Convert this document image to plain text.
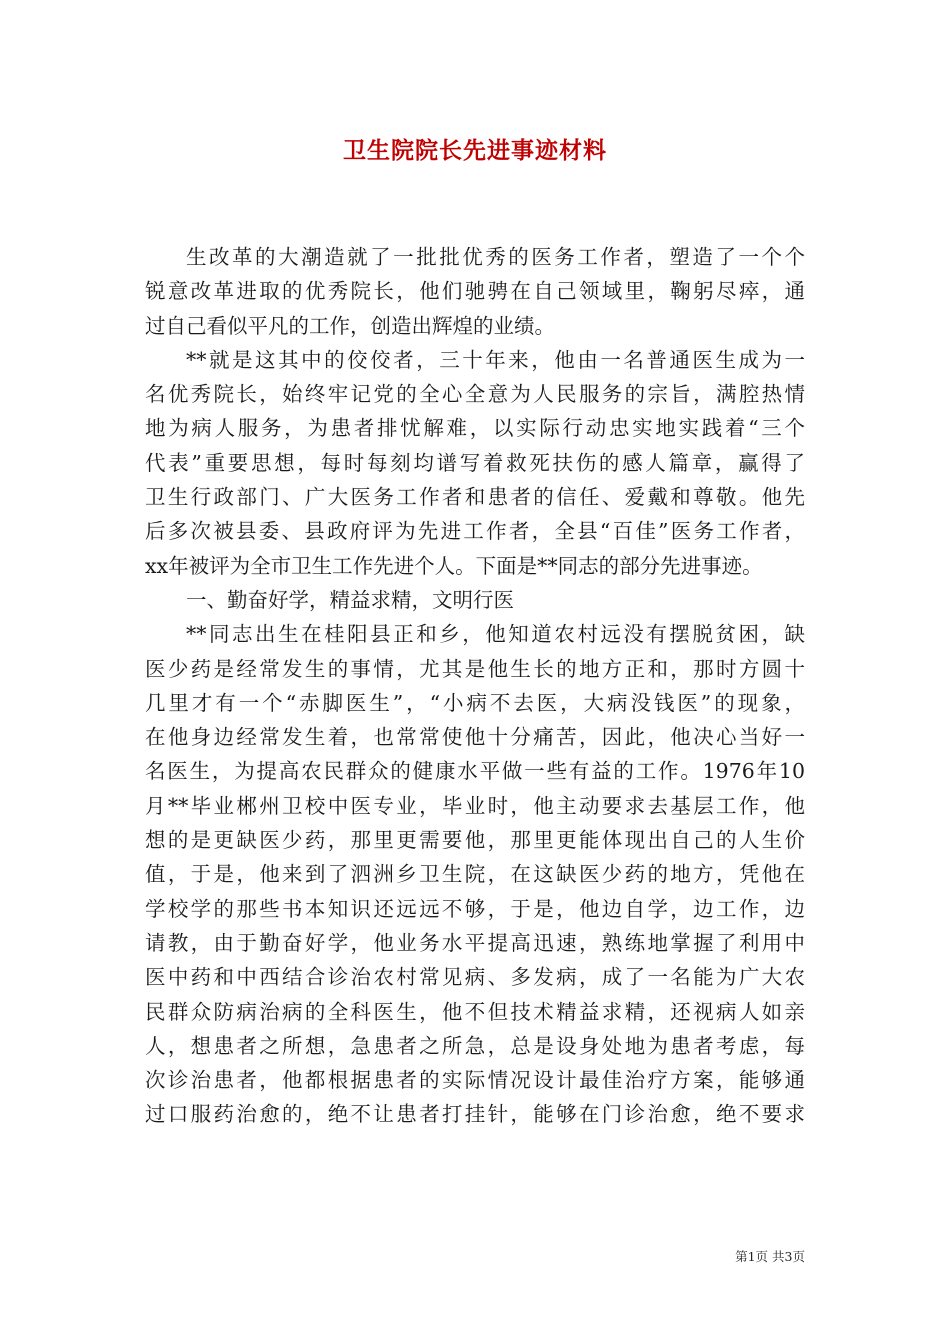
卫生院院长先进事迹材料
生改革的大潮造就了一批批优秀的医务工作者，塑造了一个个
锐意改革进取的优秀院长，他们驰骋在自己领域里，鞠躬尽瘁，通
过自己看似平凡的工作，创造出辉煌的业绩。
**就是这其中的佼佼者，三十年来，他由一名普通医生成为一
名优秀院长，始终牢记党的全心全意为人民服务的宗旨，满腔热情
地为病人服务，为患者排忧解难，以实际行动忠实地实践着“三个
代表”重要思想，每时每刻均谱写着救死扶伤的感人篇章，赢得了
卫生行政部门、广大医务工作者和患者的信任、爱戴和尊敬。他先
后多次被县委、县政府评为先进工作者，全县“百佳”医务工作者，
xx年被评为全市卫生工作先进个人。下面是**同志的部分先进事迹。
一、勤奋好学，精益求精，文明行医
**同志出生在桂阳县正和乡，他知道农村远没有摆脱贫困，缺
医少药是经常发生的事情，尤其是他生长的地方正和，那时方圆十
几里才有一个“赤脚医生”，“小病不去医，大病没钱医”的现象，
在他身边经常发生着，也常常使他十分痛苦，因此，他决心当好一
名医生，为提高农民群众的健康水平做一些有益的工作。1976年10
月**毕业郴州卫校中医专业，毕业时，他主动要求去基层工作，他
想的是更缺医少药，那里更需要他，那里更能体现出自己的人生价
值，于是，他来到了泗洲乡卫生院，在这缺医少药的地方，凭他在
学校学的那些书本知识还远远不够，于是，他边自学，边工作，边
请教，由于勤奋好学，他业务水平提高迅速，熟练地掌握了利用中
医中药和中西结合诊治农村常见病、多发病，成了一名能为广大农
民群众防病治病的全科医生，他不但技术精益求精，还视病人如亲
人，想患者之所想，急患者之所急，总是设身处地为患者考虑，每
次诊治患者，他都根据患者的实际情况设计最佳治疗方案，能够通
过口服药治愈的，绝不让患者打挂针，能够在门诊治愈，绝不要求
第1页 共3页
